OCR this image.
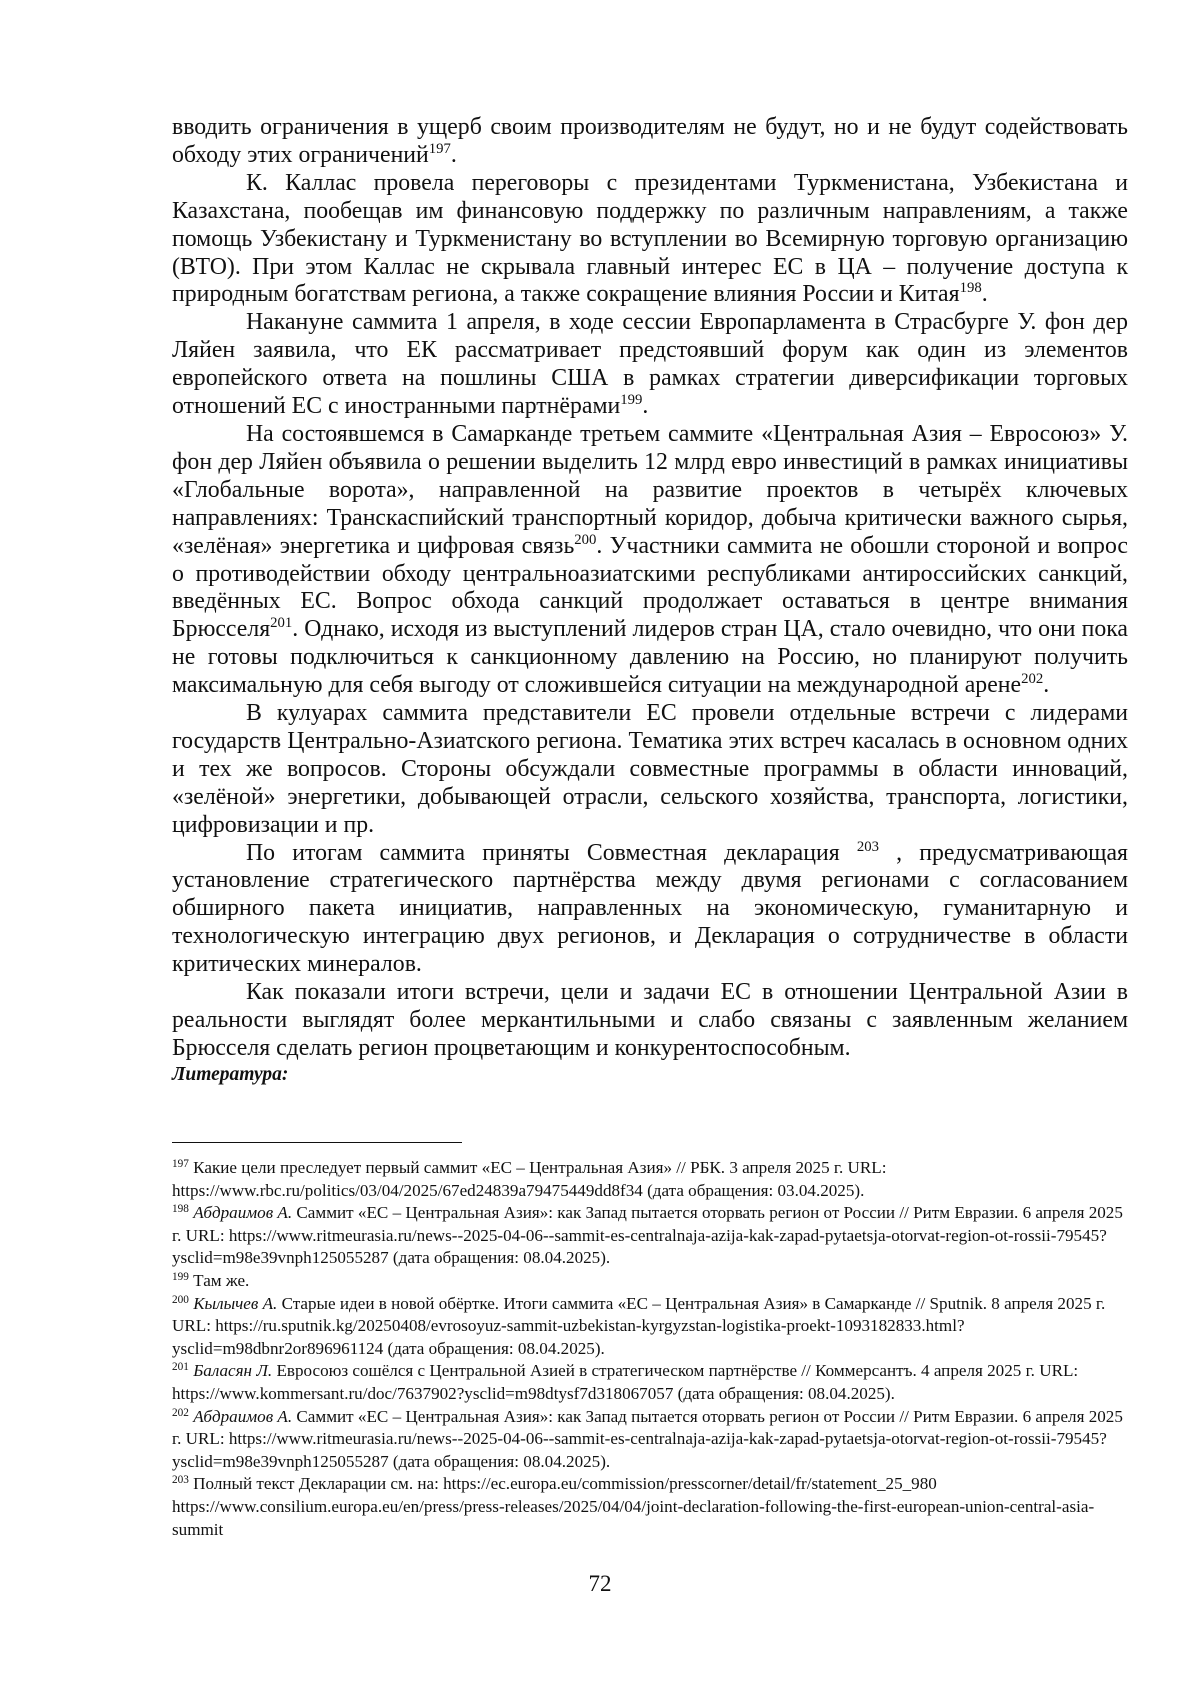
вводить ограничения в ущерб своим производителям не будут, но и не будут содействовать обходу этих ограничений$^{197}$.

К. Каллас провела переговоры с президентами Туркменистана, Узбекистана и Казахстана, пообещав им финансовую поддержку по различным направлениям, а также помощь Узбекистану и Туркменистану во вступлении во Всемирную торговую организацию (ВТО). При этом Каллас не скрывала главный интерес ЕС в ЦА – получение доступа к природным богатствам региона, а также сокращение влияния России и Китая$^{198}$.

Накануне саммита 1 апреля, в ходе сессии Европарламента в Страсбурге У. фон дер Ляйен заявила, что ЕК рассматривает предстоявший форум как один из элементов европейского ответа на пошлины США в рамках стратегии диверсификации торговых отношений ЕС с иностранными партнёрами$^{199}$.

На состоявшемся в Самарканде третьем саммите «Центральная Азия – Евросоюз» У. фон дер Ляйен объявила о решении выделить 12 млрд евро инвестиций в рамках инициативы «Глобальные ворота», направленной на развитие проектов в четырёх ключевых направлениях: Транскаспийский транспортный коридор, добыча критически важного сырья, «зелёная» энергетика и цифровая связь$^{200}$. Участники саммита не обошли стороной и вопрос о противодействии обходу центральноазиатскими республиками антироссийских санкций, введённых ЕС. Вопрос обхода санкций продолжает оставаться в центре внимания Брюсселя$^{201}$. Однако, исходя из выступлений лидеров стран ЦА, стало очевидно, что они пока не готовы подключиться к санкционному давлению на Россию, но планируют получить максимальную для себя выгоду от сложившейся ситуации на международной арене$^{202}$.

В кулуарах саммита представители ЕС провели отдельные встречи с лидерами государств Центрально-Азиатского региона. Тематика этих встреч касалась в основном одних и тех же вопросов. Стороны обсуждали совместные программы в области инноваций, «зелёной» энергетики, добывающей отрасли, сельского хозяйства, транспорта, логистики, цифровизации и пр.

По итогам саммита приняты Совместная декларация $^{203}$ , предусматривающая установление стратегического партнёрства между двумя регионами с согласованием обширного пакета инициатив, направленных на экономическую, гуманитарную и технологическую интеграцию двух регионов, и Декларация о сотрудничестве в области критических минералов.

Как показали итоги встречи, цели и задачи ЕС в отношении Центральной Азии в реальности выглядят более меркантильными и слабо связаны с заявленным желанием Брюсселя сделать регион процветающим и конкурентоспособным.

Литература:

$^{197}$ Какие цели преследует первый саммит «ЕС – Центральная Азия» // РБК. 3 апреля 2025 г. URL: https://www.rbc.ru/politics/03/04/2025/67ed24839a79475449dd8f34 (дата обращения: 03.04.2025).

$^{198}$ Абдраимов А. Саммит «ЕС – Центральная Азия»: как Запад пытается оторвать регион от России // Ритм Евразии. 6 апреля 2025 г. URL: https://www.ritmeurasia.ru/news--2025-04-06--sammit-es-centralnaja-azija-kak-zapad-pytaetsja-otorvat-region-ot-rossii-79545?ysclid=m98e39vnph125055287 (дата обращения: 08.04.2025).

$^{199}$ Там же.

$^{200}$ Кылычев А. Старые идеи в новой обёртке. Итоги саммита «ЕС – Центральная Азия» в Самарканде // Sputnik. 8 апреля 2025 г. URL: https://ru.sputnik.kg/20250408/evrosoyuz-sammit-uzbekistan-kyrgyzstan-logistika-proekt-1093182833.html?ysclid=m98dbnr2or896961124 (дата обращения: 08.04.2025).

$^{201}$ Баласян Л. Евросоюз сошёлся с Центральной Азией в стратегическом партнёрстве // Коммерсантъ. 4 апреля 2025 г. URL: https://www.kommersant.ru/doc/7637902?ysclid=m98dtysf7d318067057 (дата обращения: 08.04.2025).

$^{202}$ Абдраимов А. Саммит «ЕС – Центральная Азия»: как Запад пытается оторвать регион от России // Ритм Евразии. 6 апреля 2025 г. URL: https://www.ritmeurasia.ru/news--2025-04-06--sammit-es-centralnaja-azija-kak-zapad-pytaetsja-otorvat-region-ot-rossii-79545?ysclid=m98e39vnph125055287 (дата обращения: 08.04.2025).

$^{203}$ Полный текст Декларации см. на: https://ec.europa.eu/commission/presscorner/detail/fr/statement_25_980 https://www.consilium.europa.eu/en/press/press-releases/2025/04/04/joint-declaration-following-the-first-european-union-central-asia-summit

72
